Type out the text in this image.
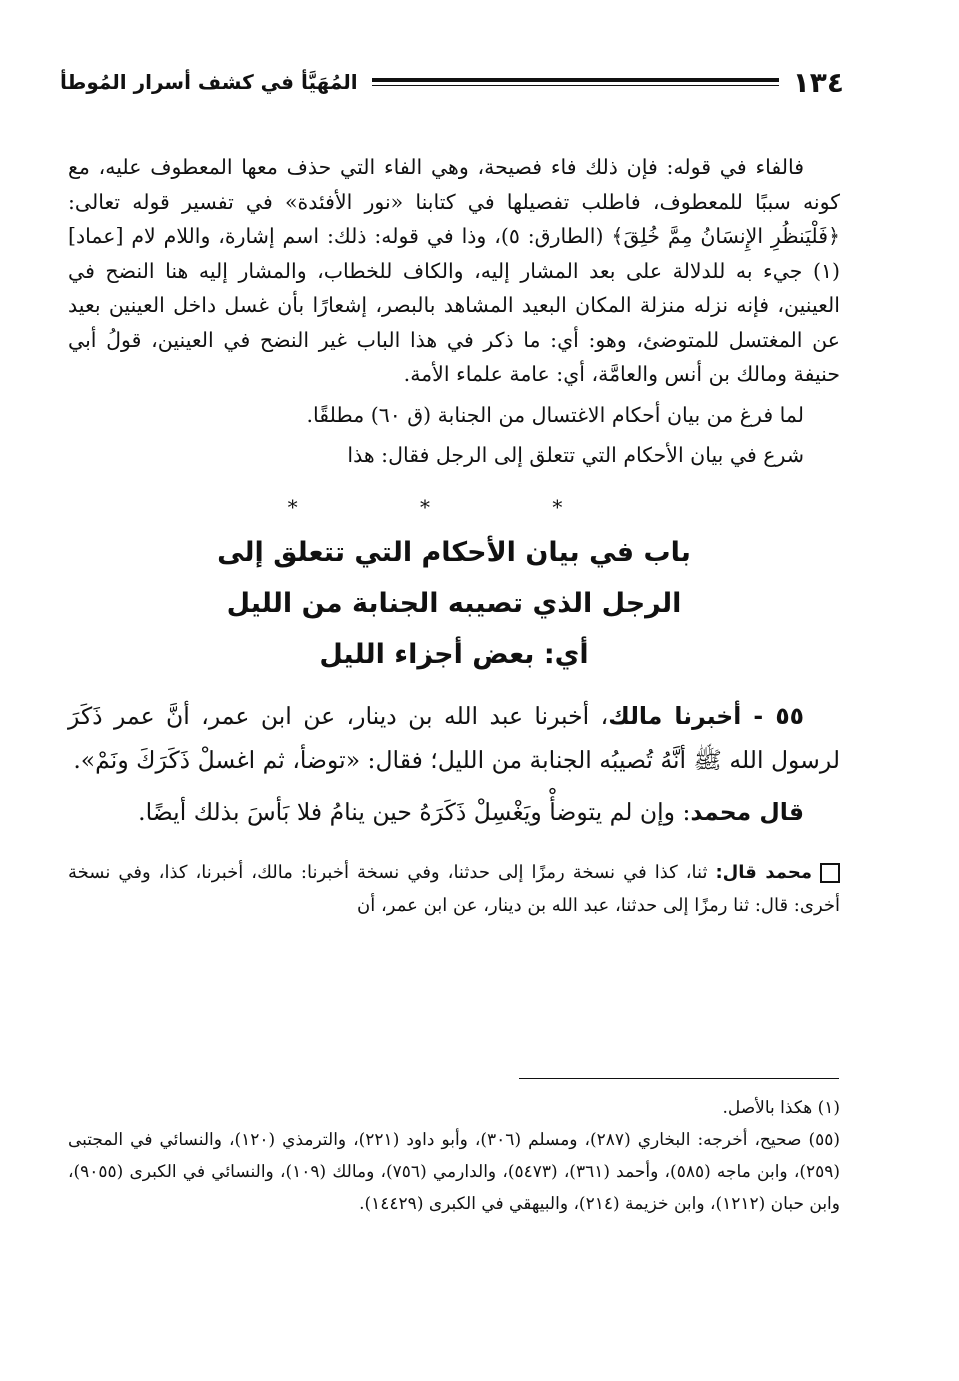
١٣٤
المُهَيَّأ في كشف أسرار المُوطأ

فالفاء في قوله: فإن ذلك فاء فصيحة، وهي الفاء التي حذف معها المعطوف عليه، مع كونه سببًا للمعطوف، فاطلب تفصيلها في كتابنا «نور الأفئدة» في تفسير قوله تعالى: ﴿فَلْيَنظُرِ الإِنسَانُ مِمَّ خُلِقَ﴾ (الطارق: ٥)، وذا في قوله: ذلك: اسم إشارة، واللام لام [عماد](١) جيء به للدلالة على بعد المشار إليه، والكاف للخطاب، والمشار إليه هنا النضح في العينين، فإنه نزله منزلة المكان البعيد المشاهد بالبصر، إشعارًا بأن غسل داخل العينين بعيد عن المغتسل للمتوضئ، وهو: أي: ما ذكر في هذا الباب غير النضح في العينين، قولُ أبي حنيفة ومالك بن أنس والعامَّة، أي: عامة علماء الأمة.

لما فرغ من بيان أحكام الاغتسال من الجنابة (ق ٦٠) مطلقًا.

شرع في بيان الأحكام التي تتعلق إلى الرجل فقال: هذا

* * *
باب في بيان الأحكام التي تتعلق إلى
الرجل الذي تصيبه الجنابة من الليل
أي: بعض أجزاء الليل

٥٥ - أخبرنا مالك، أخبرنا عبد الله بن دينار، عن ابن عمر، أنَّ عمر ذَكَرَ لرسول الله ﷺ أنَّهُ تُصيبُه الجنابة من الليل؛ فقال: «توضأ، ثم اغسلْ ذَكَرَكَ ونَمْ».

قال محمد: وإن لم يتوضأْ ويَغْسِلْ ذَكَرَهُ حين ينامُ فلا بَأسَ بذلك أيضًا.

محمد قال: ثنا، كذا في نسخة رمزًا إلى حدثنا، وفي نسخة أخبرنا: مالك، أخبرنا، كذا، وفي نسخة أخرى: قال: ثنا رمزًا إلى حدثنا، عبد الله بن دينار، عن ابن عمر، أن

(١) هكذا بالأصل.

(٥٥) صحيح، أخرجه: البخاري (٢٨٧)، ومسلم (٣٠٦)، وأبو داود (٢٢١)، والترمذي (١٢٠)، والنسائي في المجتبى (٢٥٩)، وابن ماجه (٥٨٥)، وأحمد (٣٦١)، (٥٤٧٣)، والدارمي (٧٥٦)، ومالك (١٠٩)، والنسائي في الكبرى (٩٠٥٥)، وابن حبان (١٢١٢)، وابن خزيمة (٢١٤)، والبيهقي في الكبرى (١٤٤٢٩).
